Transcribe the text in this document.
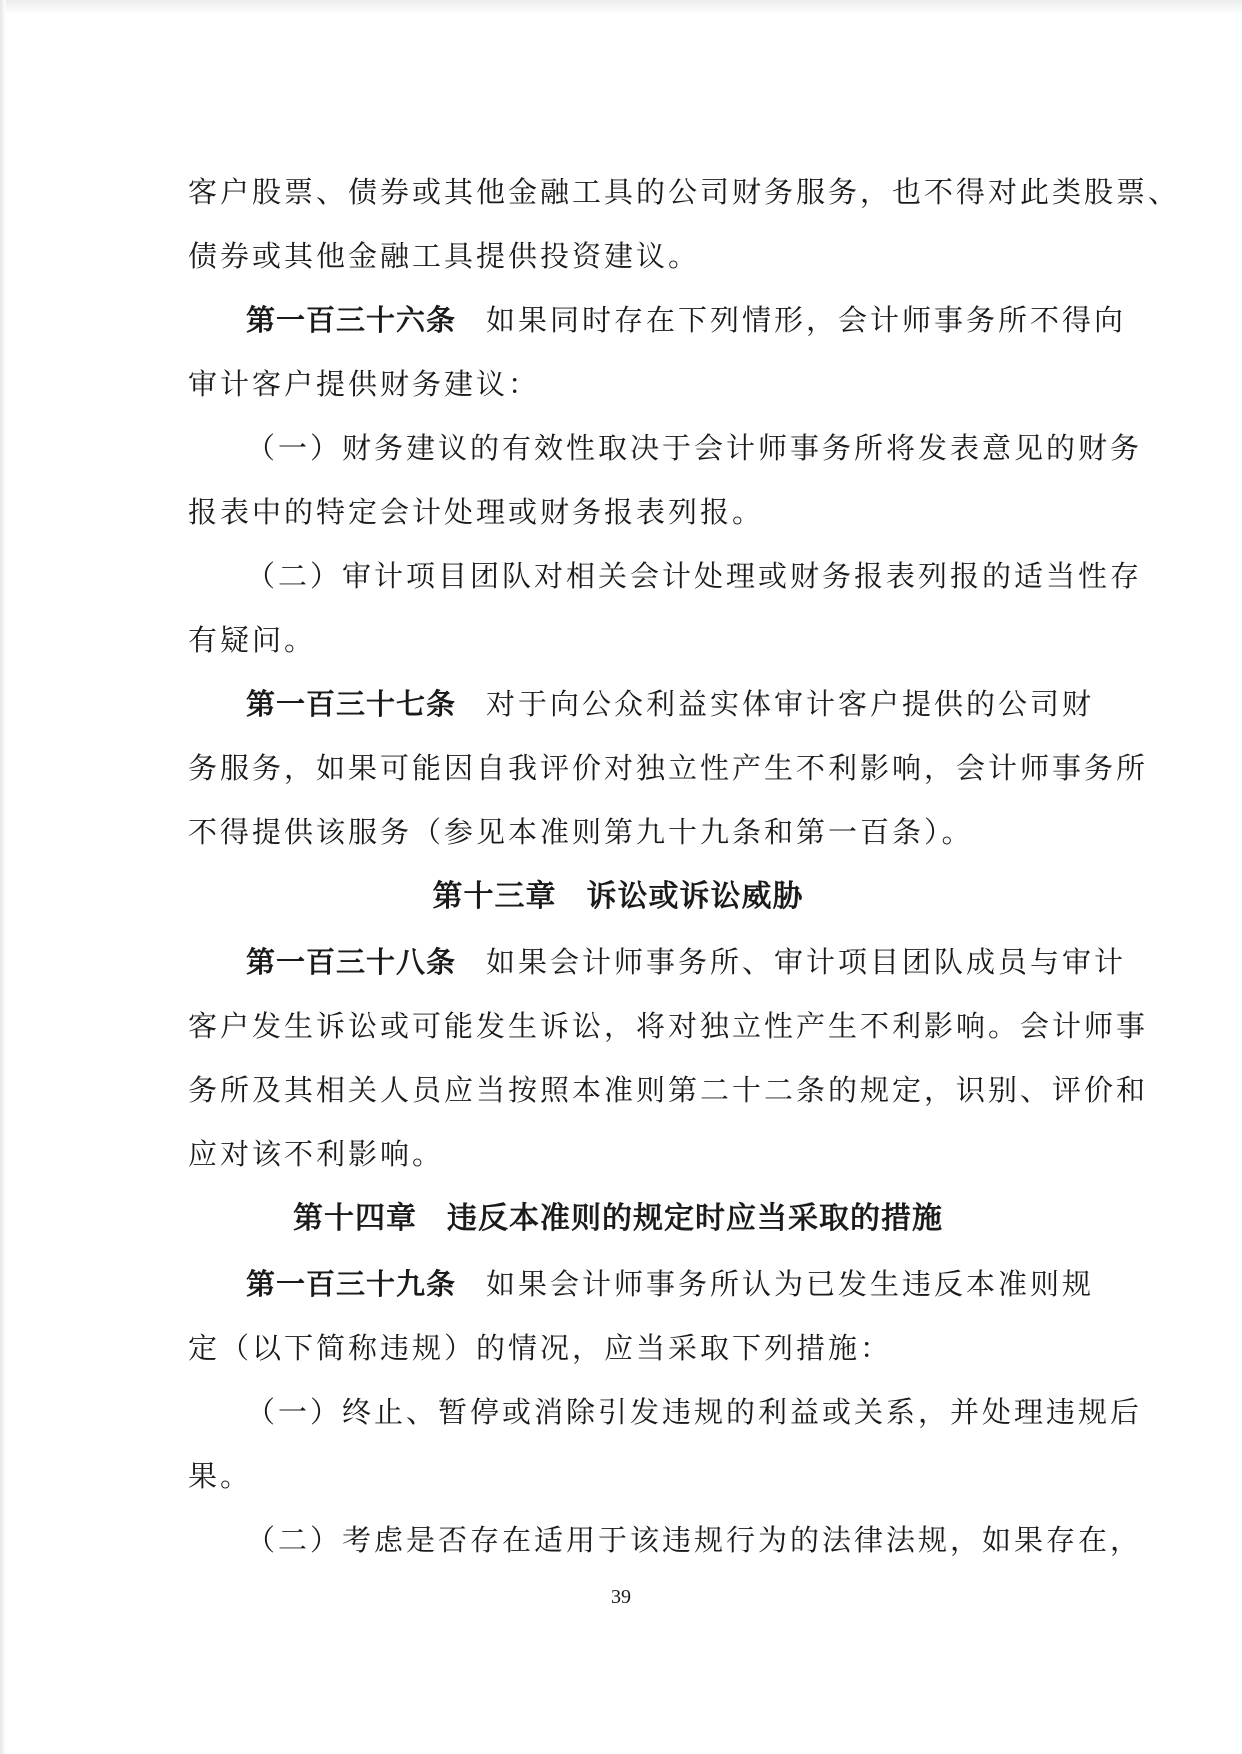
客户股票、债券或其他金融工具的公司财务服务，也不得对此类股票、
债券或其他金融工具提供投资建议。
第一百三十六条 如果同时存在下列情形，会计师事务所不得向
审计客户提供财务建议：
（一）财务建议的有效性取决于会计师事务所将发表意见的财务
报表中的特定会计处理或财务报表列报。
（二）审计项目团队对相关会计处理或财务报表列报的适当性存
有疑问。
第一百三十七条 对于向公众利益实体审计客户提供的公司财
务服务，如果可能因自我评价对独立性产生不利影响，会计师事务所
不得提供该服务（参见本准则第九十九条和第一百条）。
第十三章 诉讼或诉讼威胁
第一百三十八条 如果会计师事务所、审计项目团队成员与审计
客户发生诉讼或可能发生诉讼，将对独立性产生不利影响。会计师事
务所及其相关人员应当按照本准则第二十二条的规定，识别、评价和
应对该不利影响。
第十四章 违反本准则的规定时应当采取的措施
第一百三十九条 如果会计师事务所认为已发生违反本准则规
定（以下简称违规）的情况，应当采取下列措施：
（一）终止、暂停或消除引发违规的利益或关系，并处理违规后
果。
（二）考虑是否存在适用于该违规行为的法律法规，如果存在，
39
